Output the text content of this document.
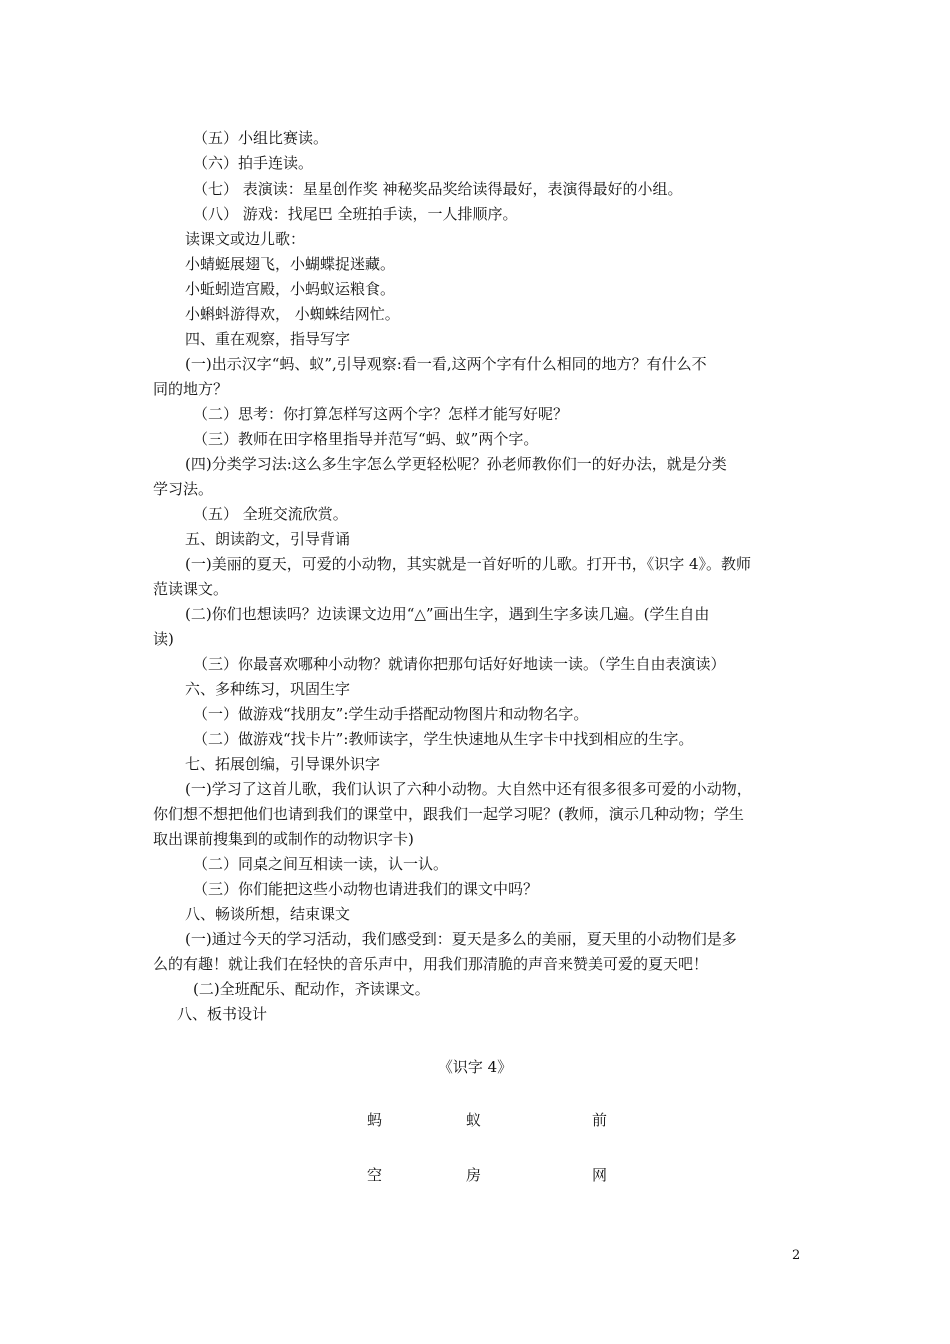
（五）小组比赛读。
（六）拍手连读。
（七） 表演读：星星创作奖 神秘奖品奖给读得最好，表演得最好的小组。
（八） 游戏：找尾巴 全班拍手读，一人排顺序。
读课文或边儿歌：
小蜻蜓展翅飞，小蝴蝶捉迷藏。
小蚯蚓造宫殿，小蚂蚁运粮食。
小蝌蚪游得欢， 小蜘蛛结网忙。
四、重在观察，指导写字
(一)出示汉字“蚂、蚁”,引导观察:看一看,这两个字有什么相同的地方？有什么不
同的地方？
（二）思考：你打算怎样写这两个字？怎样才能写好呢？
（三）教师在田字格里指导并范写“蚂、蚁”两个字。
(四)分类学习法:这么多生字怎么学更轻松呢？孙老师教你们一的好办法，就是分类
学习法。
（五） 全班交流欣赏。
五、朗读韵文，引导背诵
(一)美丽的夏天，可爱的小动物，其实就是一首好听的儿歌。打开书，《识字 4》。教师
范读课文。
(二)你们也想读吗？边读课文边用“△”画出生字，遇到生字多读几遍。(学生自由
读)
（三）你最喜欢哪种小动物？就请你把那句话好好地读一读。（学生自由表演读）
六、多种练习，巩固生字
（一）做游戏“找朋友”:学生动手搭配动物图片和动物名字。
（二）做游戏“找卡片”:教师读字，学生快速地从生字卡中找到相应的生字。
七、拓展创编，引导课外识字
(一)学习了这首儿歌，我们认识了六种小动物。大自然中还有很多很多可爱的小动物，
你们想不想把他们也请到我们的课堂中，跟我们一起学习呢？(教师，演示几种动物；学生
取出课前搜集到的或制作的动物识字卡)
（二）同桌之间互相读一读，认一认。
（三）你们能把这些小动物也请进我们的课文中吗？
八、畅谈所想，结束课文
(一)通过今天的学习活动，我们感受到：夏天是多么的美丽，夏天里的小动物们是多
么的有趣！就让我们在轻快的音乐声中，用我们那清脆的声音来赞美可爱的夏天吧！
(二)全班配乐、配动作，齐读课文。
八、板书设计
《识字 4》
蚂	蚁	前
空	房	网
2
